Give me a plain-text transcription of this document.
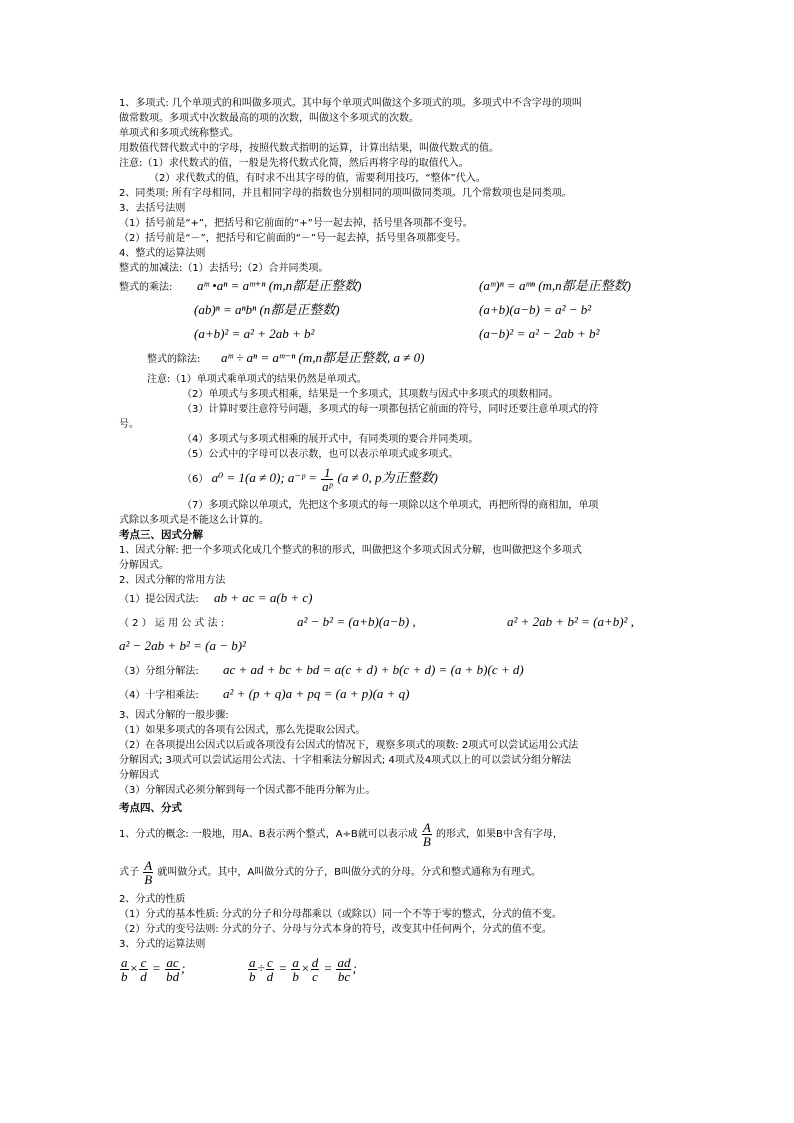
1、多项式: 几个单项式的和叫做多项式。其中每个单项式叫做这个多项式的项。多项式中不含字母的项叫
做常数项。多项式中次数最高的项的次数，叫做这个多项式的次数。
单项式和多项式统称整式。
用数值代替代数式中的字母，按照代数式指明的运算，计算出结果，叫做代数式的值。
注意:（1）求代数式的值，一般是先将代数式化简，然后再将字母的取值代入。
（2）求代数式的值，有时求不出其字母的值，需要利用技巧，“整体”代入。
2、同类项: 所有字母相同，并且相同字母的指数也分别相同的项叫做同类项。几个常数项也是同类项。
3、去括号法则
（1）括号前是“+”，把括号和它前面的“+”号一起去掉，括号里各项都不变号。
（2）括号前是“－”，把括号和它前面的“－”号一起去掉，括号里各项都变号。
4、整式的运算法则
整式的加减法:（1）去括号;（2）合并同类项。
整式的乘法: aᵐ •aⁿ = aᵐ⁺ⁿ (m,n都是正整数)	(aᵐ)ⁿ = aᵐⁿ (m,n都是正整数)
(ab)ⁿ = aⁿbⁿ (n都是正整数)	(a+b)(a−b) = a² − b²
(a+b)² = a² + 2ab + b²	(a−b)² = a² − 2ab + b²
整式的除法: aᵐ ÷ aⁿ = aᵐ⁻ⁿ (m,n都是正整数, a ≠ 0)
注意:（1）单项式乘单项式的结果仍然是单项式。
（2）单项式与多项式相乘，结果是一个多项式，其项数与因式中多项式的项数相同。
（3）计算时要注意符号问题，多项式的每一项都包括它前面的符号，同时还要注意单项式的符
号。
（4）多项式与多项式相乘的展开式中，有同类项的要合并同类项。
（5）公式中的字母可以表示数，也可以表示单项式或多项式。
（6） a⁰ = 1(a ≠ 0); a⁻ᵖ = $\frac{1}{\text{aᵖ}} (a \ne 0$, p为正整数)
（7）多项式除以单项式，先把这个多项式的每一项除以这个单项式，再把所得的商相加，单项
式除以多项式是不能这么计算的。
考点三、因式分解
1、因式分解: 把一个多项式化成几个整式的积的形式，叫做把这个多项式因式分解，也叫做把这个多项式
分解因式。
2、因式分解的常用方法
（1）提公因式法: ab + ac = a(b + c)
（ 2 ） 运 用 公 式 法 :	a² − b² = (a+b)(a−b) ,	a² + 2ab + b² = (a+b)² ,
a² − 2ab + b² = (a − b)²
（3）分组分解法: ac + ad + bc + bd = a(c + d) + b(c + d) = (a + b)(c + d)
（4）十字相乘法: a² + (p + q)a + pq = (a + p)(a + q)
3、因式分解的一般步骤:
（1）如果多项式的各项有公因式，那么先提取公因式。
（2）在各项提出公因式以后或各项没有公因式的情况下，观察多项式的项数: 2项式可以尝试运用公式法
分解因式; 3项式可以尝试运用公式法、十字相乘法分解因式; 4项式及4项式以上的可以尝试分组分解法
分解因式
（3）分解因式必须分解到每一个因式都不能再分解为止。
考点四、分式
1、分式的概念: 一般地，用A、B表示两个整式，A÷B就可以表示成 $\frac{A}{B}$ 的形式，如果B中含有字母，
式子 $\frac{A}{B}$ 就叫做分式。其中，A叫做分式的分子，B叫做分式的分母。分式和整式通称为有理式。
2、分式的性质
（1）分式的基本性质: 分式的分子和分母都乘以（或除以）同一个不等于零的整式，分式的值不变。
（2）分式的变号法则: 分式的分子、分母与分式本身的符号，改变其中任何两个，分式的值不变。
3、分式的运算法则
$\frac{a}{b} \times \frac{c}{d} = \frac{ac}{bd}$ ;	$\frac{a}{b} \div \frac{c}{d} = \frac{a}{b} \times \frac{d}{c} = \frac{ad}{bc}$ ;
